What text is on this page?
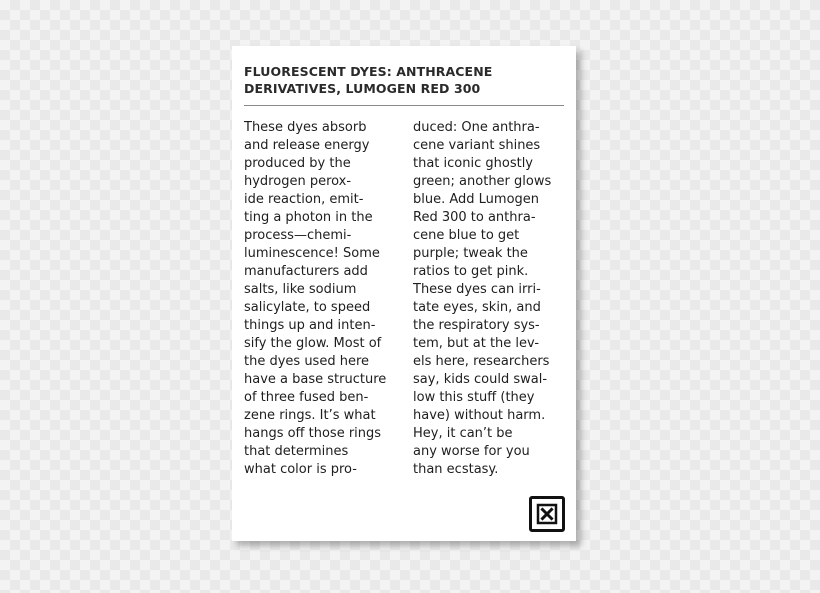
FLUORESCENT DYES: ANTHRACENE
DERIVATIVES, LUMOGEN RED 300
These dyes absorb
and release energy
produced by the
hydrogen perox-
ide reaction, emit-
ting a photon in the
process—chemi-
luminescence! Some
manufacturers add
salts, like sodium
salicylate, to speed
things up and inten-
sify the glow. Most of
the dyes used here
have a base structure
of three fused ben-
zene rings. It’s what
hangs off those rings
that determines
what color is pro-
duced: One anthra-
cene variant shines
that iconic ghostly
green; another glows
blue. Add Lumogen
Red 300 to anthra-
cene blue to get
purple; tweak the
ratios to get pink.
These dyes can irri-
tate eyes, skin, and
the respiratory sys-
tem, but at the lev-
els here, researchers
say, kids could swal-
low this stuff (they
have) without harm.
Hey, it can’t be
any worse for you
than ecstasy.
